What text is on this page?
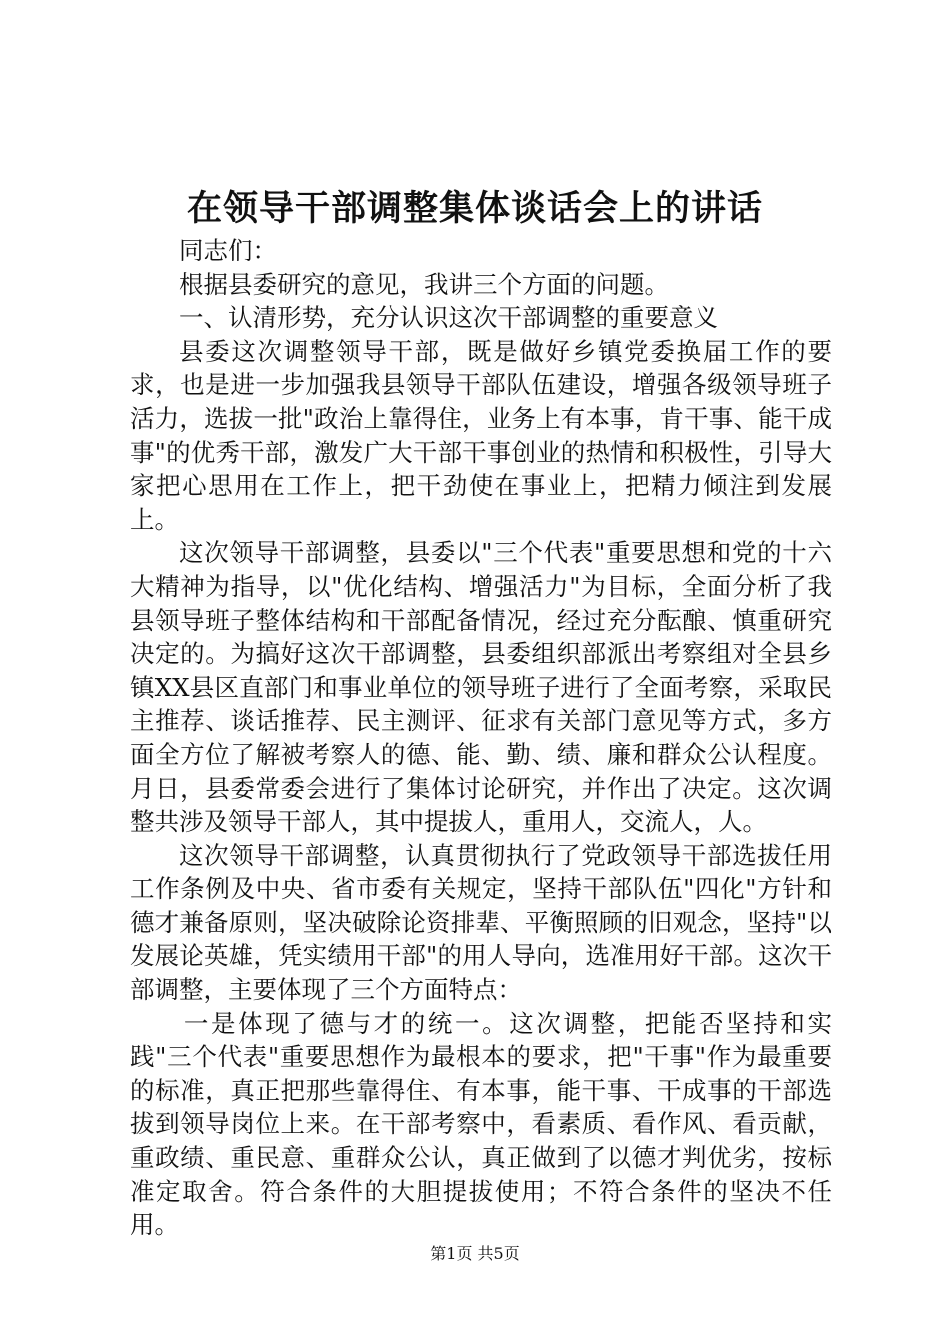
在领导干部调整集体谈话会上的讲话

同志们：

根据县委研究的意见，我讲三个方面的问题。

一、认清形势，充分认识这次干部调整的重要意义

县委这次调整领导干部，既是做好乡镇党委换届工作的要求，也是进一步加强我县领导干部队伍建设，增强各级领导班子活力，选拔一批"政治上靠得住，业务上有本事，肯干事、能干成事"的优秀干部，激发广大干部干事创业的热情和积极性，引导大家把心思用在工作上，把干劲使在事业上，把精力倾注到发展上。

这次领导干部调整，县委以"三个代表"重要思想和党的十六大精神为指导，以"优化结构、增强活力"为目标，全面分析了我县领导班子整体结构和干部配备情况，经过充分酝酿、慎重研究决定的。为搞好这次干部调整，县委组织部派出考察组对全县乡镇XX县区直部门和事业单位的领导班子进行了全面考察，采取民主推荐、谈话推荐、民主测评、征求有关部门意见等方式，多方面全方位了解被考察人的德、能、勤、绩、廉和群众公认程度。月日，县委常委会进行了集体讨论研究，并作出了决定。这次调整共涉及领导干部人，其中提拔人，重用人，交流人，人。

这次领导干部调整，认真贯彻执行了党政领导干部选拔任用工作条例及中央、省市委有关规定，坚持干部队伍"四化"方针和德才兼备原则，坚决破除论资排辈、平衡照顾的旧观念，坚持"以发展论英雄，凭实绩用干部"的用人导向，选准用好干部。这次干部调整，主要体现了三个方面特点：

一是体现了德与才的统一。这次调整，把能否坚持和实践"三个代表"重要思想作为最根本的要求，把"干事"作为最重要的标准，真正把那些靠得住、有本事，能干事、干成事的干部选拔到领导岗位上来。在干部考察中，看素质、看作风、看贡献，重政绩、重民意、重群众公认，真正做到了以德才判优劣，按标准定取舍。符合条件的大胆提拔使用；不符合条件的坚决不任用。

第1页 共5页
